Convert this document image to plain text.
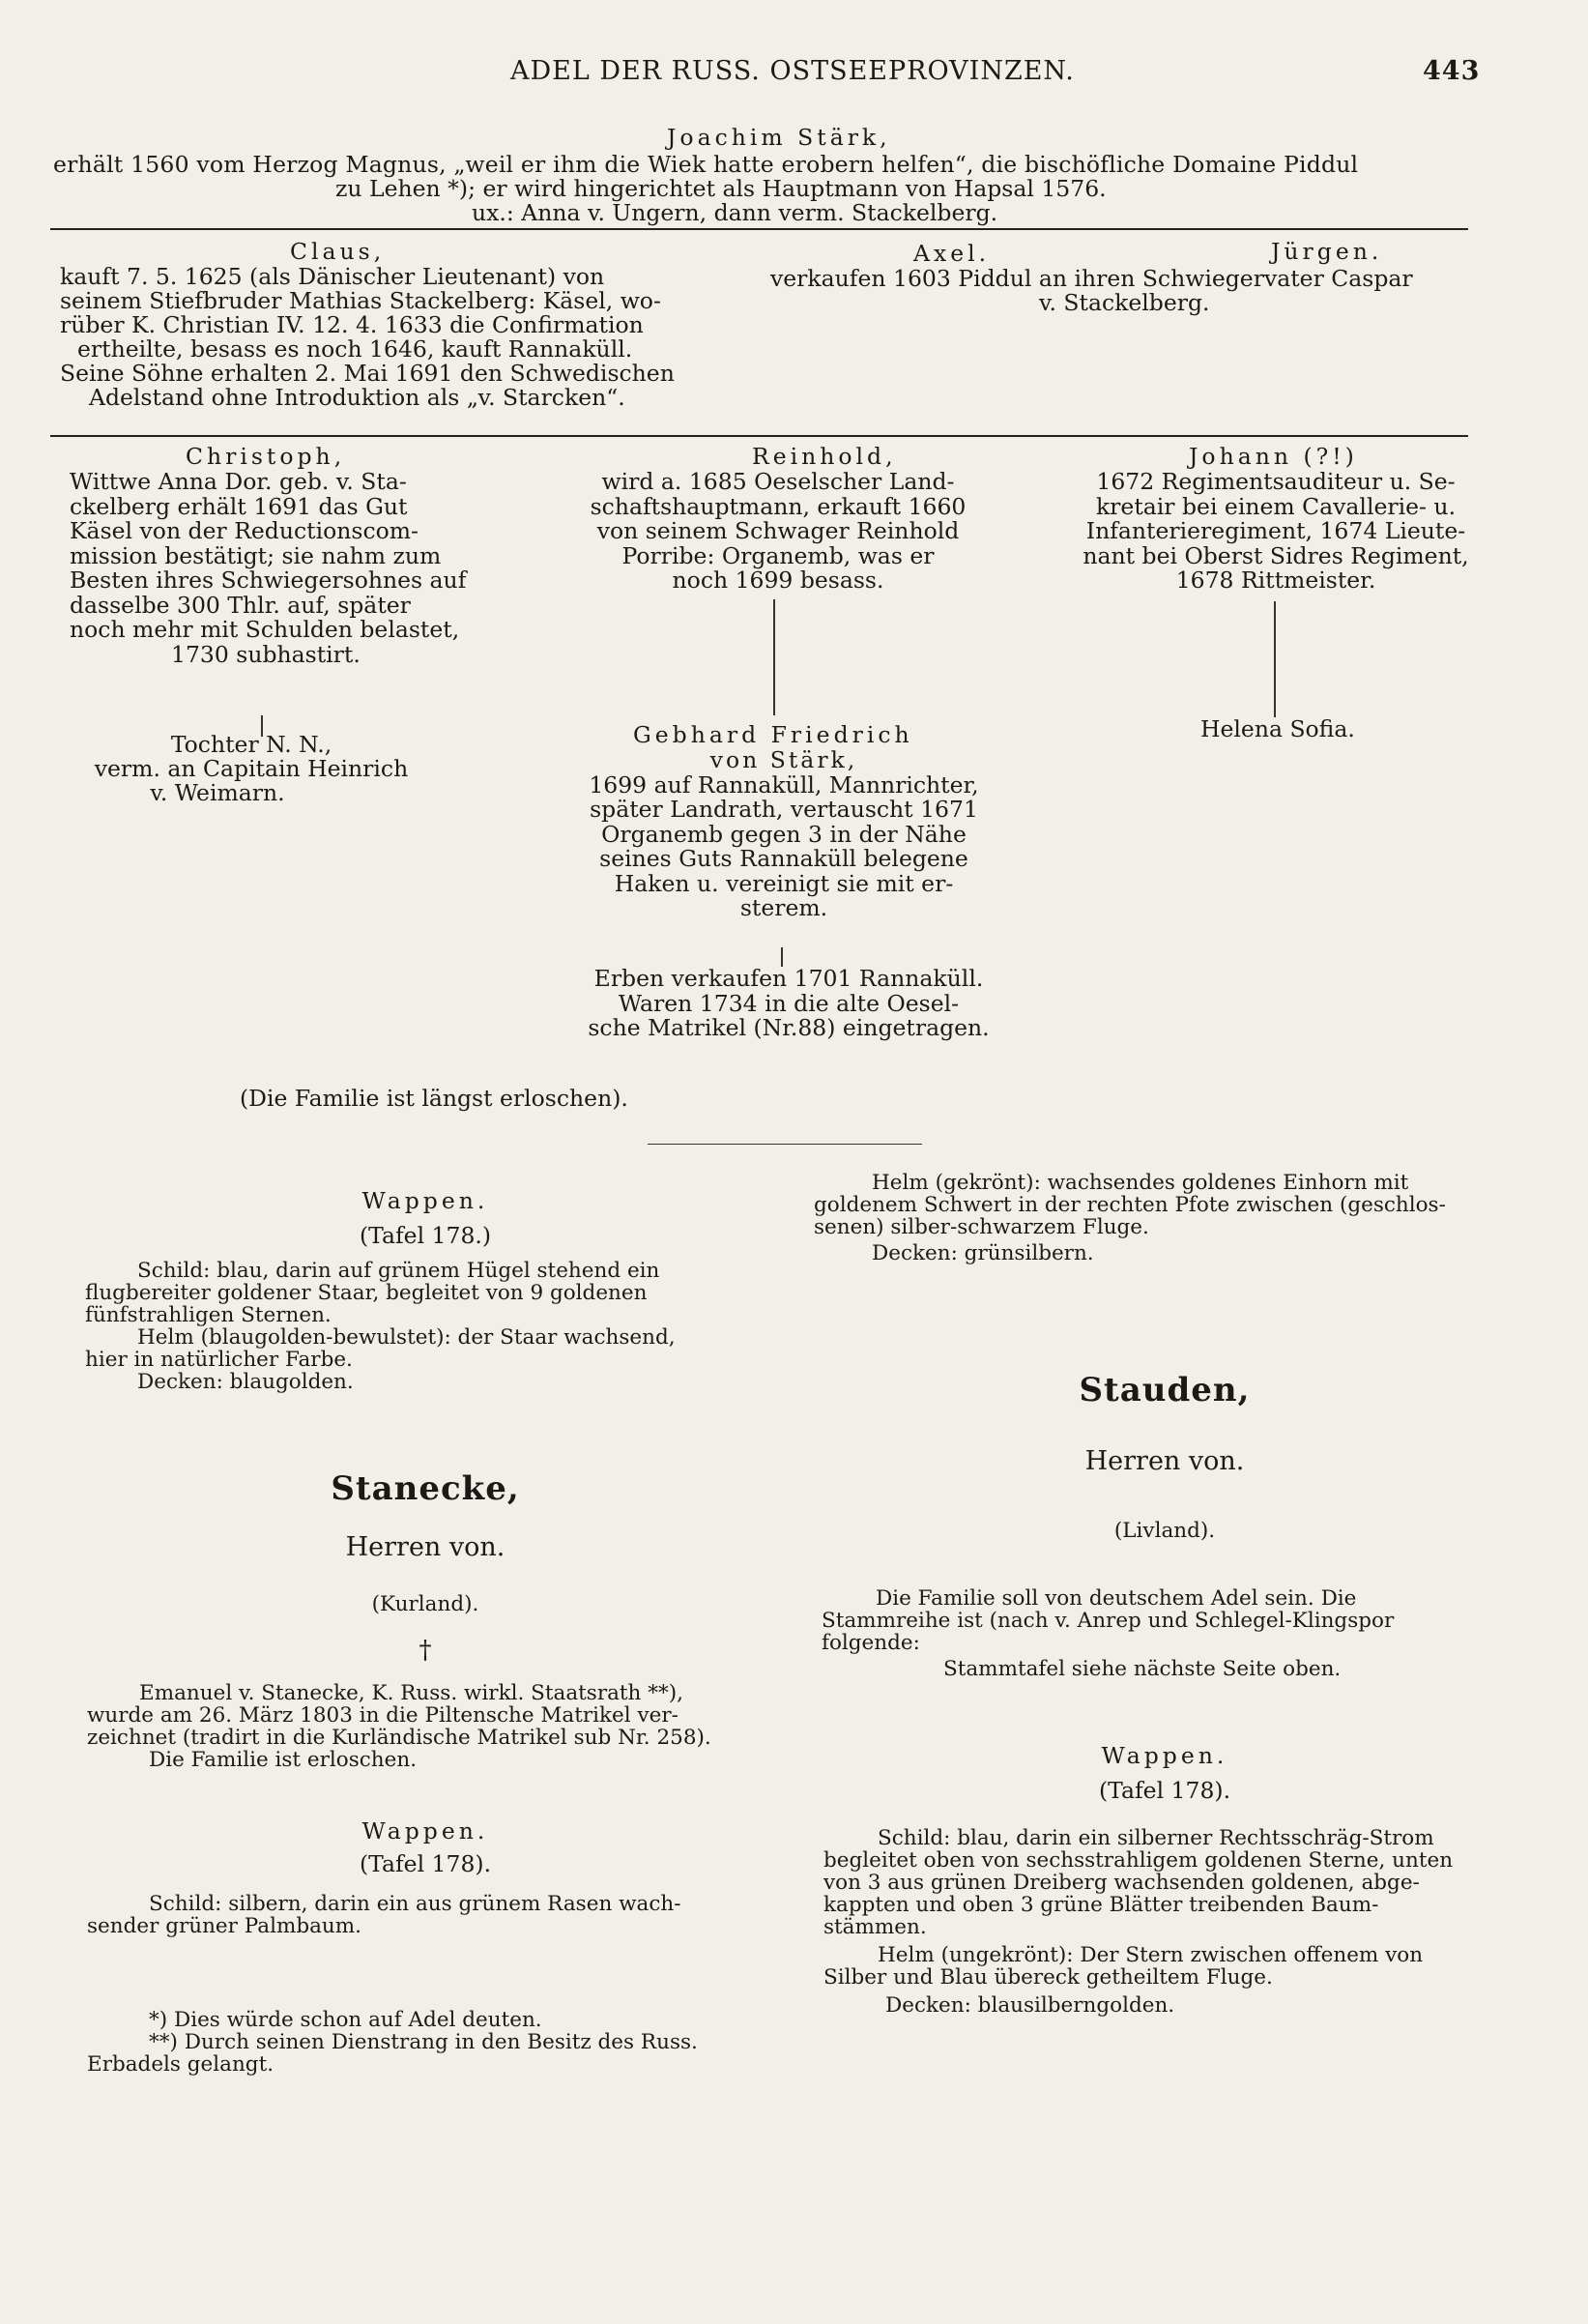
ADEL DER RUSS. OSTSEEPROVINZEN.	443
Joachim Stärk,
erhält 1560 vom Herzog Magnus, „weil er ihm die Wiek hatte erobern helfen“, die bischöfliche Domaine Piddul
zu Lehen *); er wird hingerichtet als Hauptmann von Hapsal 1576.
ux.: Anna v. Ungern, dann verm. Stackelberg.
Claus,
kauft 7. 5. 1625 (als Dänischer Lieutenant) von
seinem Stiefbruder Mathias Stackelberg: Käsel, wo-
rüber K. Christian IV. 12. 4. 1633 die Confirmation
ertheilte, besass es noch 1646, kauft Rannaküll.
Seine Söhne erhalten 2. Mai 1691 den Schwedischen
Adelstand ohne Introduktion als „v. Starcken“.
Axel.	Jürgen.
verkaufen 1603 Piddul an ihren Schwiegervater Caspar
v. Stackelberg.
Christoph,
Wittwe Anna Dor. geb. v. Sta-
ckelberg erhält 1691 das Gut
Käsel von der Reductionscom-
mission bestätigt; sie nahm zum
Besten ihres Schwiegersohnes auf
dasselbe 300 Thlr. auf, später
noch mehr mit Schulden belastet,
1730 subhastirt.
Tochter N. N.,
verm. an Capitain Heinrich
v. Weimarn.
Reinhold,
wird a. 1685 Oeselscher Land-
schaftshauptmann, erkauft 1660
von seinem Schwager Reinhold
Porribe: Organemb, was er
noch 1699 besass.
Gebhard Friedrich
von Stärk,
1699 auf Rannaküll, Mannrichter,
später Landrath, vertauscht 1671
Organemb gegen 3 in der Nähe
seines Guts Rannaküll belegene
Haken u. vereinigt sie mit er-
sterem.
Erben verkaufen 1701 Rannaküll.
Waren 1734 in die alte Oesel-
sche Matrikel (Nr.88) eingetragen.
Johann (?!)
1672 Regimentsauditeur u. Se-
kretair bei einem Cavallerie- u.
Infanterieregiment, 1674 Lieute-
nant bei Oberst Sidres Regiment,
1678 Rittmeister.
Helena Sofia.
(Die Familie ist längst erloschen).
Wappen.
(Tafel 178.)
Schild: blau, darin auf grünem Hügel stehend ein
flugbereiter goldener Staar, begleitet von 9 goldenen
fünfstrahligen Sternen.
Helm (blaugolden-bewulstet): der Staar wachsend,
hier in natürlicher Farbe.
Decken: blaugolden.
Stanecke,
Herren von.
(Kurland).
†
Emanuel v. Stanecke, K. Russ. wirkl. Staatsrath **),
wurde am 26. März 1803 in die Piltensche Matrikel ver-
zeichnet (tradirt in die Kurländische Matrikel sub Nr. 258).
Die Familie ist erloschen.
Wappen.
(Tafel 178).
Schild: silbern, darin ein aus grünem Rasen wach-
sender grüner Palmbaum.
*) Dies würde schon auf Adel deuten.
**) Durch seinen Dienstrang in den Besitz des Russ.
Erbadels gelangt.
Helm (gekrönt): wachsendes goldenes Einhorn mit
goldenem Schwert in der rechten Pfote zwischen (geschlos-
senen) silber-schwarzem Fluge.
Decken: grünsilbern.
Stauden,
Herren von.
(Livland).
Die Familie soll von deutschem Adel sein. Die
Stammreihe ist (nach v. Anrep und Schlegel-Klingspor
folgende:
Stammtafel siehe nächste Seite oben.
Wappen.
(Tafel 178).
Schild: blau, darin ein silberner Rechtsschräg-Strom
begleitet oben von sechsstrahligem goldenen Sterne, unten
von 3 aus grünen Dreiberg wachsenden goldenen, abge-
kappten und oben 3 grüne Blätter treibenden Baum-
stämmen.
Helm (ungekrönt): Der Stern zwischen offenem von
Silber und Blau übereck getheiltem Fluge.
Decken: blausilberngolden.
